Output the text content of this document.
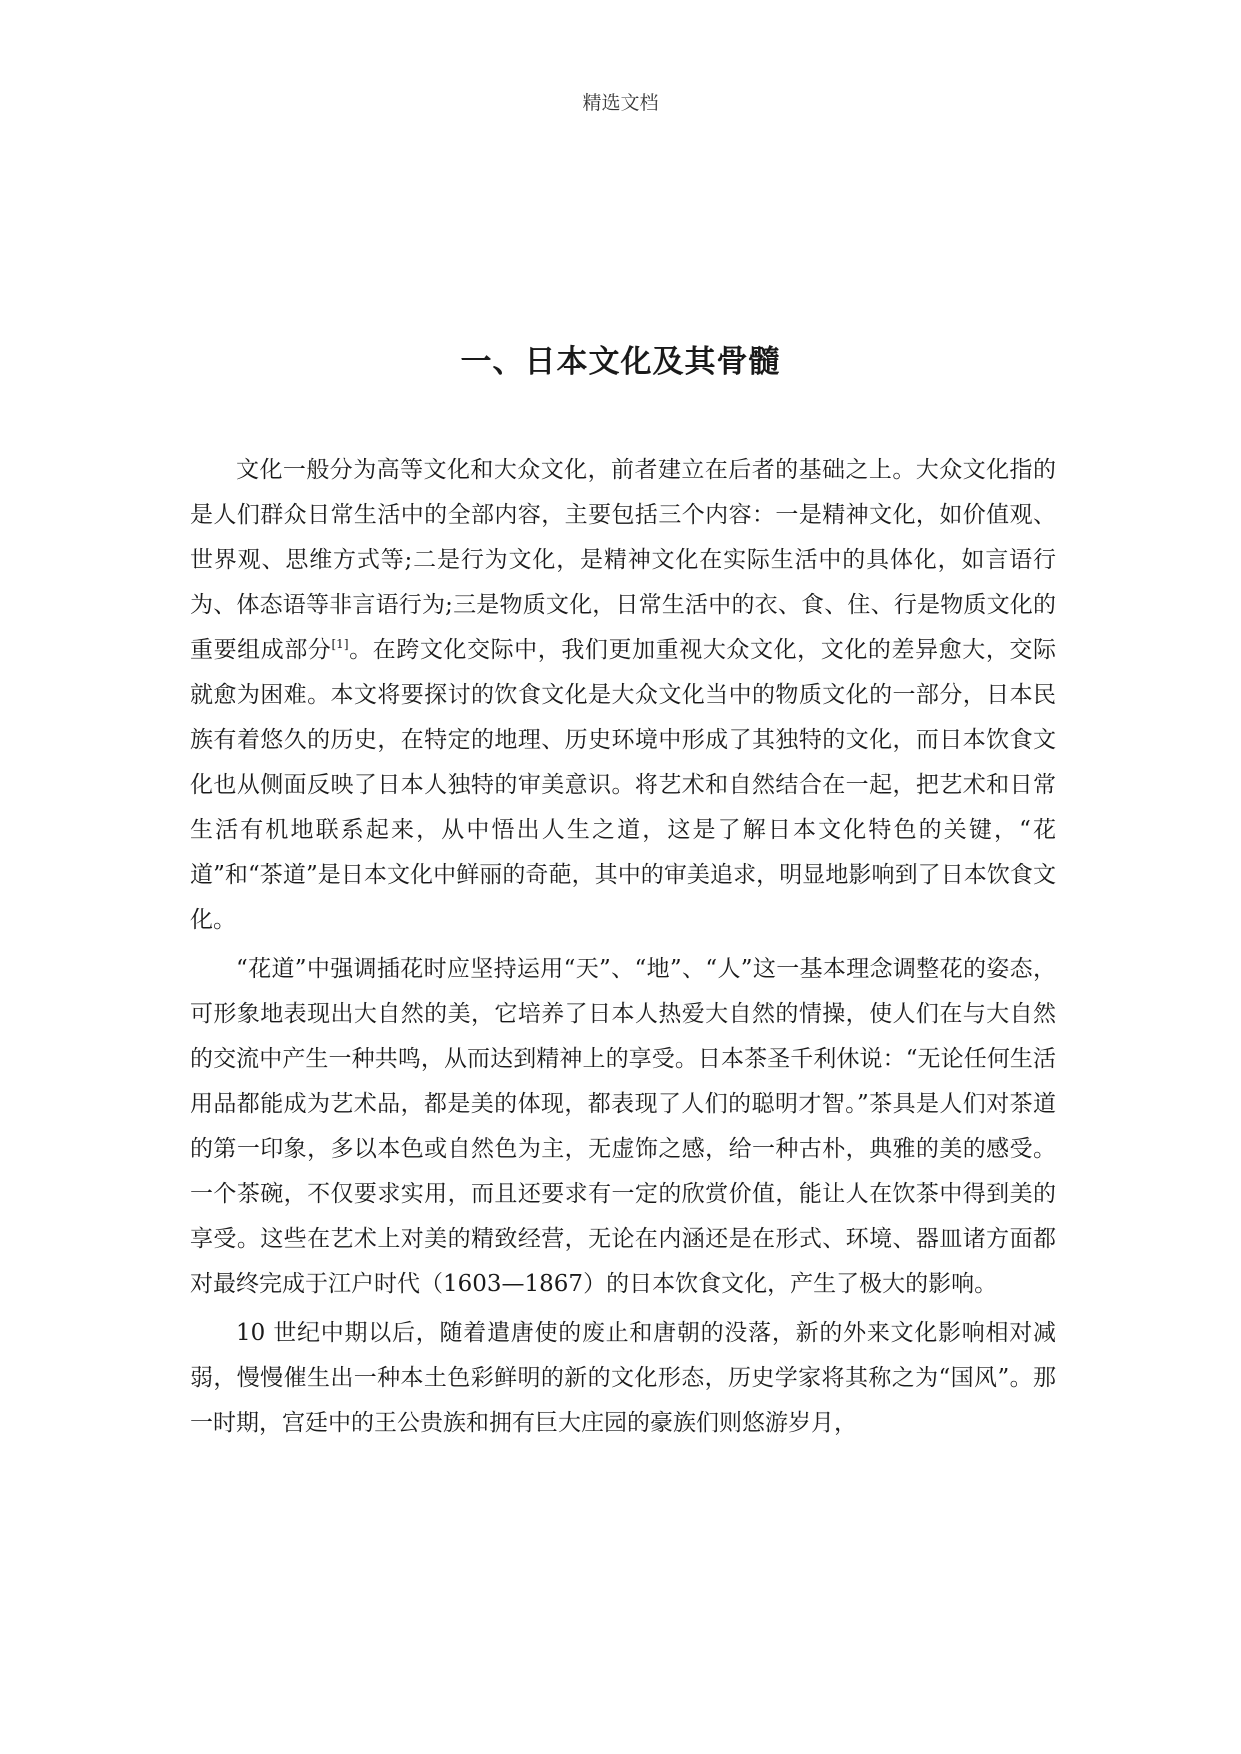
精选文档
一、日本文化及其骨髓

文化一般分为高等文化和大众文化，前者建立在后者的基础之上。大众文化指的是人们群众日常生活中的全部内容，主要包括三个内容：一是精神文化，如价值观、世界观、思维方式等;二是行为文化，是精神文化在实际生活中的具体化，如言语行为、体态语等非言语行为;三是物质文化，日常生活中的衣、食、住、行是物质文化的重要组成部分[1]。在跨文化交际中，我们更加重视大众文化，文化的差异愈大，交际就愈为困难。本文将要探讨的饮食文化是大众文化当中的物质文化的一部分，日本民族有着悠久的历史，在特定的地理、历史环境中形成了其独特的文化，而日本饮食文化也从侧面反映了日本人独特的审美意识。将艺术和自然结合在一起，把艺术和日常生活有机地联系起来，从中悟出人生之道，这是了解日本文化特色的关键，“花道”和“茶道”是日本文化中鲜丽的奇葩，其中的审美追求，明显地影响到了日本饮食文化。

“花道”中强调插花时应坚持运用“天”、“地”、“人”这一基本理念调整花的姿态，可形象地表现出大自然的美，它培养了日本人热爱大自然的情操，使人们在与大自然的交流中产生一种共鸣，从而达到精神上的享受。日本茶圣千利休说：“无论任何生活用品都能成为艺术品，都是美的体现，都表现了人们的聪明才智。”茶具是人们对茶道的第一印象，多以本色或自然色为主，无虚饰之感，给一种古朴，典雅的美的感受。一个茶碗，不仅要求实用，而且还要求有一定的欣赏价值，能让人在饮茶中得到美的享受。这些在艺术上对美的精致经营，无论在内涵还是在形式、环境、器皿诸方面都对最终完成于江户时代（1603—1867）的日本饮食文化，产生了极大的影响。

10 世纪中期以后，随着遣唐使的废止和唐朝的没落，新的外来文化影响相对减弱，慢慢催生出一种本土色彩鲜明的新的文化形态，历史学家将其称之为“国风”。那一时期，宫廷中的王公贵族和拥有巨大庄园的豪族们则悠游岁月，
